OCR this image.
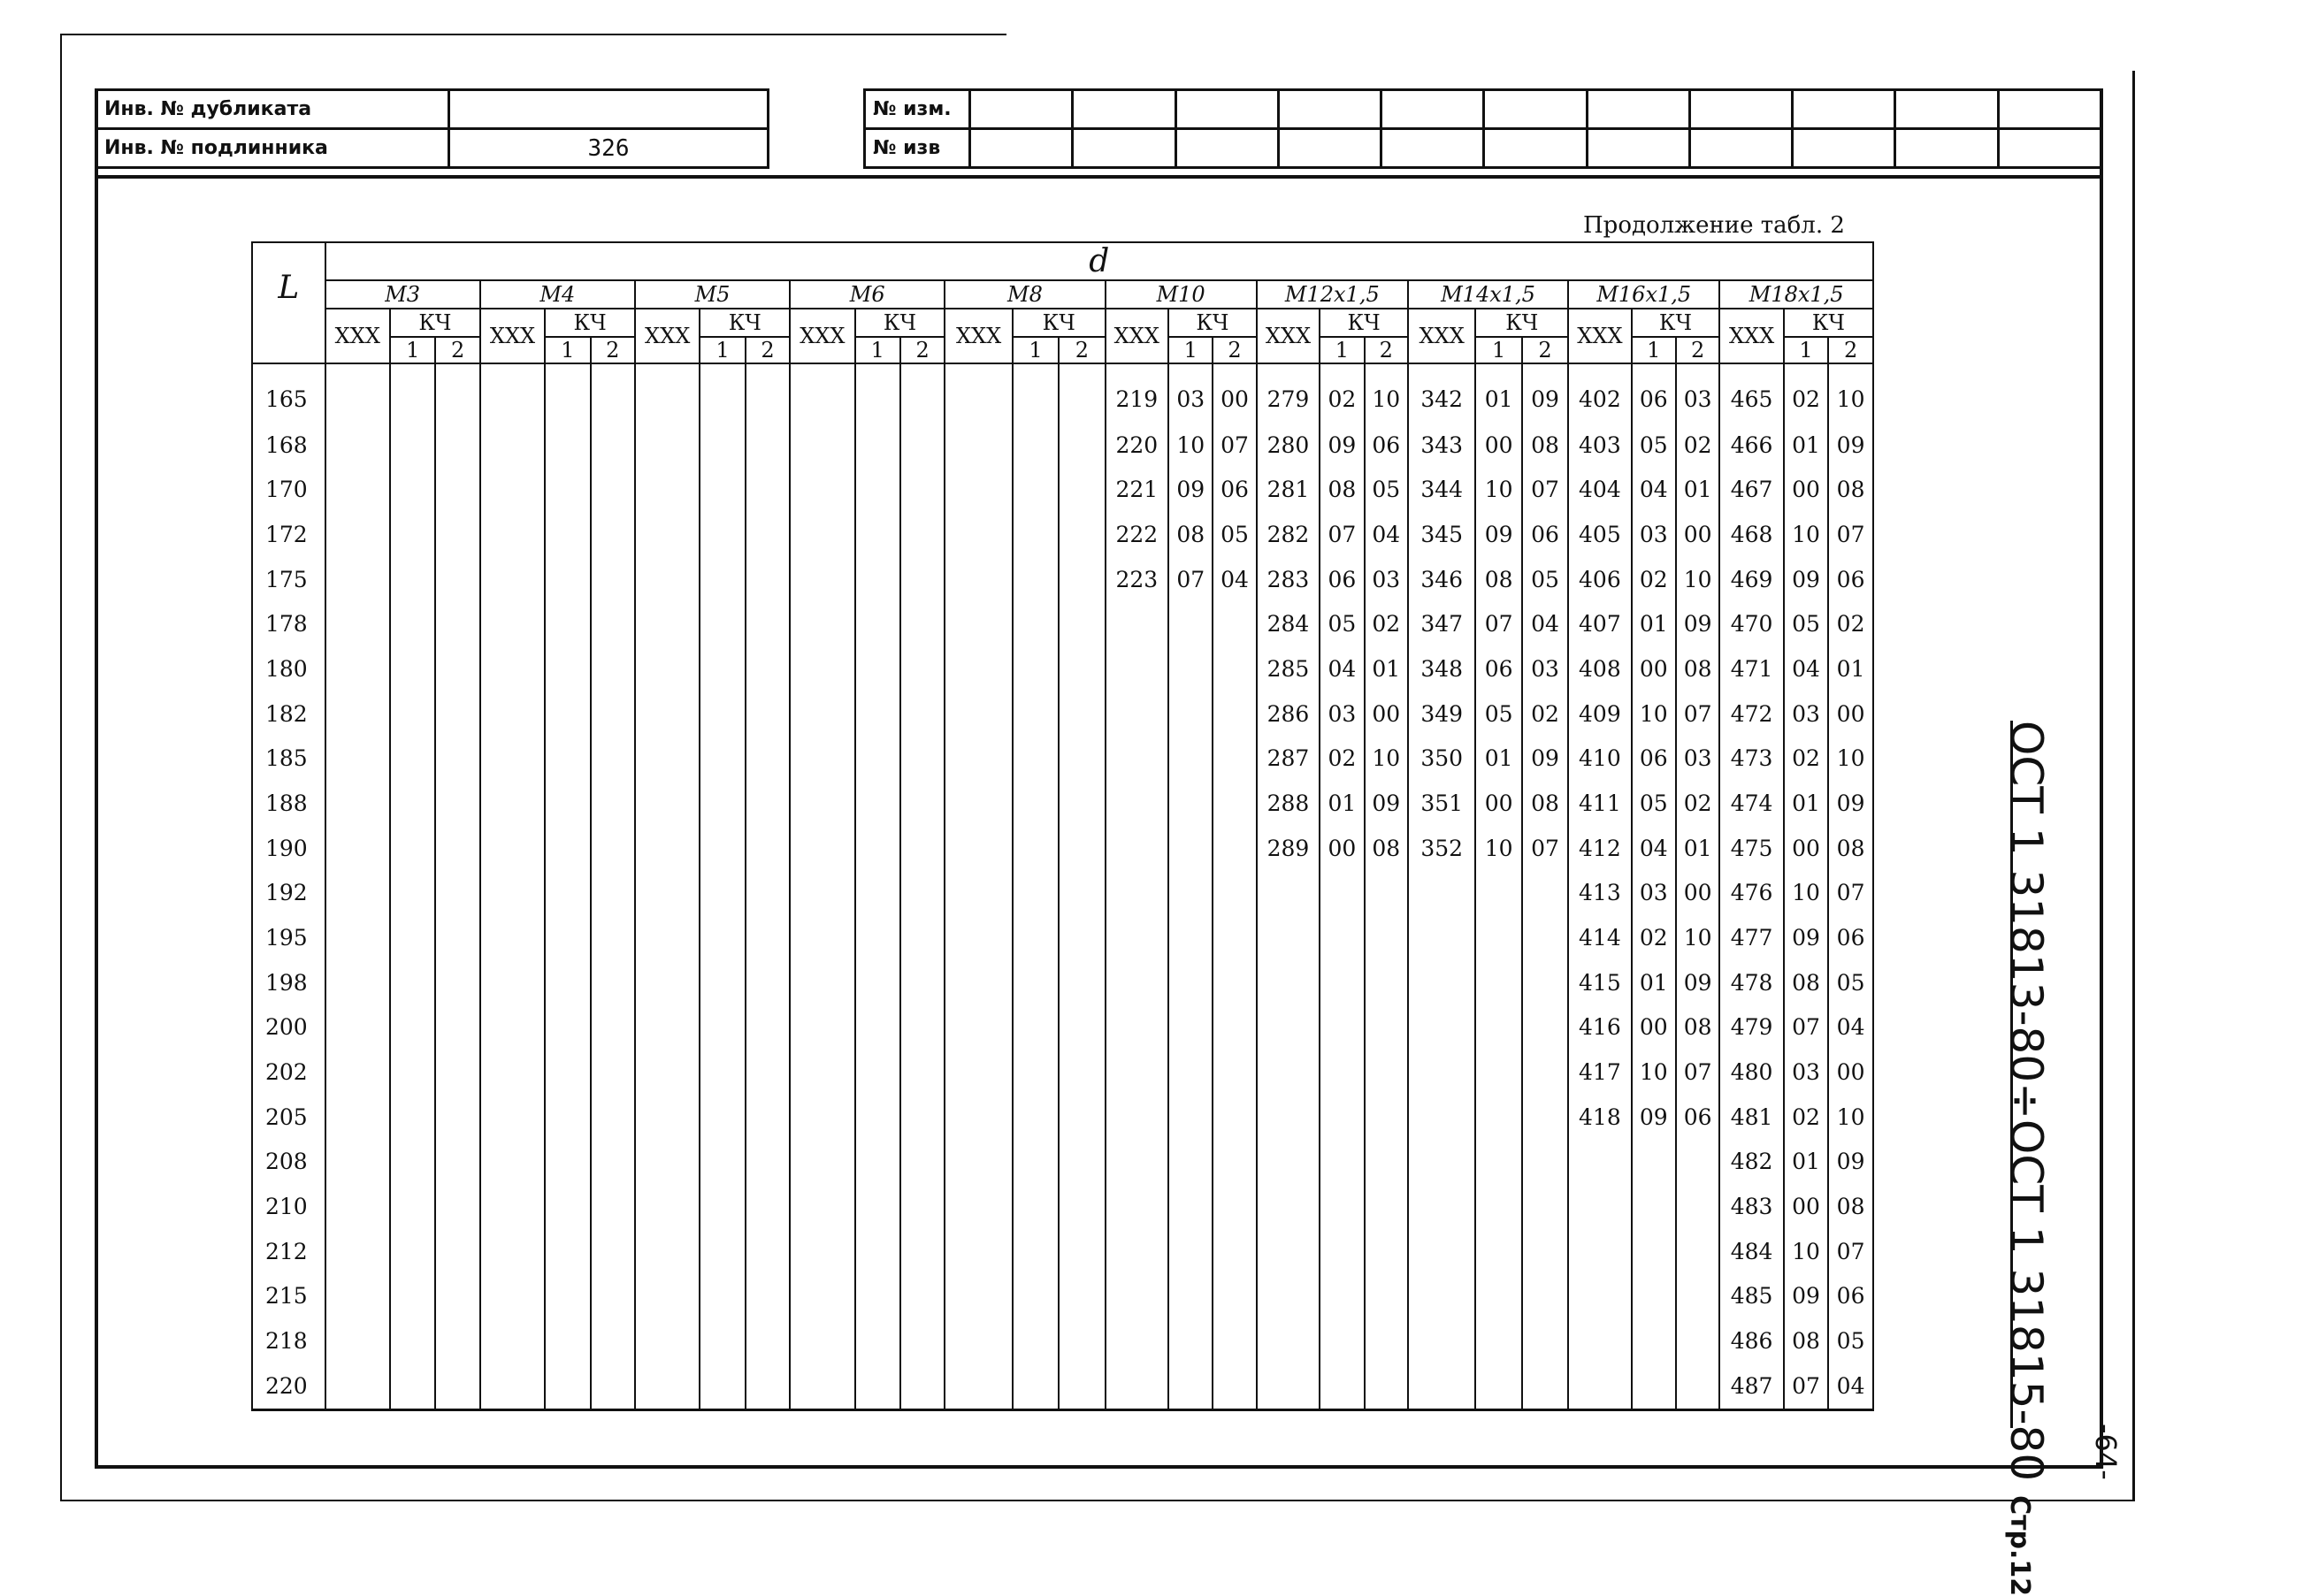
Инв. № дубликата	
Инв. № подлинника	326
№ изм.											
№ изв											
Продолжение табл. 2
L	d																													
	M3			M4			M5			M6			M8			M10			M12x1,5			M14x1,5			M16x1,5			M18x1,5		
	XXX	КЧ		XXX	КЧ		XXX	КЧ		XXX	КЧ		XXX	КЧ		XXX	КЧ		XXX	КЧ		XXX	КЧ		XXX	КЧ		XXX	КЧ	
		1	2		1	2		1	2		1	2		1	2		1	2		1	2		1	2		1	2		1	2
165																219	03	00	279	02	10	342	01	09	402	06	03	465	02	10
168																220	10	07	280	09	06	343	00	08	403	05	02	466	01	09
170																221	09	06	281	08	05	344	10	07	404	04	01	467	00	08
172																222	08	05	282	07	04	345	09	06	405	03	00	468	10	07
175																223	07	04	283	06	03	346	08	05	406	02	10	469	09	06
178																			284	05	02	347	07	04	407	01	09	470	05	02
180																			285	04	01	348	06	03	408	00	08	471	04	01
182																			286	03	00	349	05	02	409	10	07	472	03	00
185																			287	02	10	350	01	09	410	06	03	473	02	10
188																			288	01	09	351	00	08	411	05	02	474	01	09
190																			289	00	08	352	10	07	412	04	01	475	00	08
192																									413	03	00	476	10	07
195																									414	02	10	477	09	06
198																									415	01	09	478	08	05
200																									416	00	08	479	07	04
202																									417	10	07	480	03	00
205																									418	09	06	481	02	10
208																												482	01	09
210																												483	00	08
212																												484	10	07
215																												485	09	06
218																												486	08	05
220																												487	07	04	ОСТ 1 31813-80÷ОСТ 1 31815-80 Стр.12
-64-
